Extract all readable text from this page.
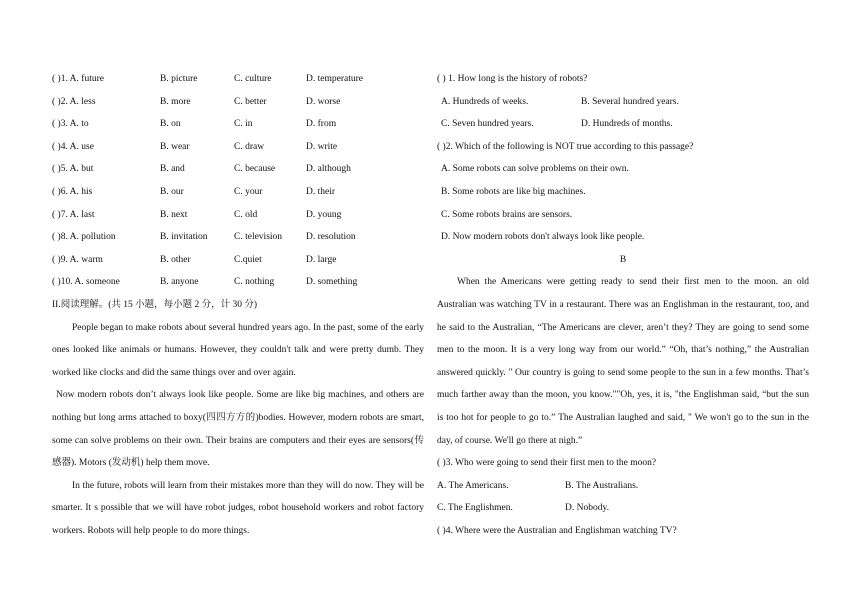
( )1. A. future	B. picture	C. culture	D. temperature
( )2. A. less	B. more	C. better	D. worse
( )3. A. to	B. on	C. in	D. from
( )4. A. use	B. wear	C. draw	D. write
( )5. A. but	B. and	C. because	D. although
( )6. A. his	B. our	C. your	D. their
( )7. A. last	B. next	C. old	D. young
( )8. A. pollution	B. invitation	C. television	D. resolution
( )9. A. warm	B. other	C.quiet	D. large
( )10. A. someone	B. anyone	C. nothing	D. something
II.阅读理解。(共 15 小题，每小题 2 分，计 30 分)
People began to make robots about several hundred years ago. In the past, some of the early ones looked like animals or humans. However, they couldn't talk and were pretty dumb. They worked like clocks and did the same things over and over again.
Now modern robots don’t always look like people. Some are like big machines, and others are nothing but long arms attached to boxy(四四方方的)bodies. However, modern robots are smart, some can solve problems on their own. Their brains are computers and their eyes are sensors(传感器). Motors (发动机) help them move.
In the future, robots will learn from their mistakes more than they will do now. They will be smarter. It s possible that we will have robot judges, robot household workers and robot factory workers. Robots will help people to do more things.
( ) 1. How long is the history of robots?
A. Hundreds of weeks.	B. Several hundred years.
C. Seven hundred years.	D. Hundreds of months.
( )2. Which of the following is NOT true according to this passage?
A. Some robots can solve problems on their own.
B. Some robots are like big machines.
C. Some robots brains are sensors.
D. Now modern robots don't always look like people.
B
When the Americans were getting ready to send their first men to the moon. an old Australian was watching TV in a restaurant. There was an Englishman in the restaurant, too, and he said to the Australian, “The Americans are clever, aren’t they? They are going to send some men to the moon. It is a very long way from our world.” “Oh, that’s nothing,” the Australian answered quickly. " Our country is going to send some people to the sun in a few months. That’s much farther away than the moon, you know.""Oh, yes, it is, "the Englishman said, “but the sun is too hot for people to go to.” The Australian laughed and said, " We won't go to the sun in the day, of course. We'll go there at nigh.”
( )3. Who were going to send their first men to the moon?
A. The Americans.	B. The Australians.
C. The Englishmen.	D. Nobody.
( )4. Where were the Australian and Englishman watching TV?
